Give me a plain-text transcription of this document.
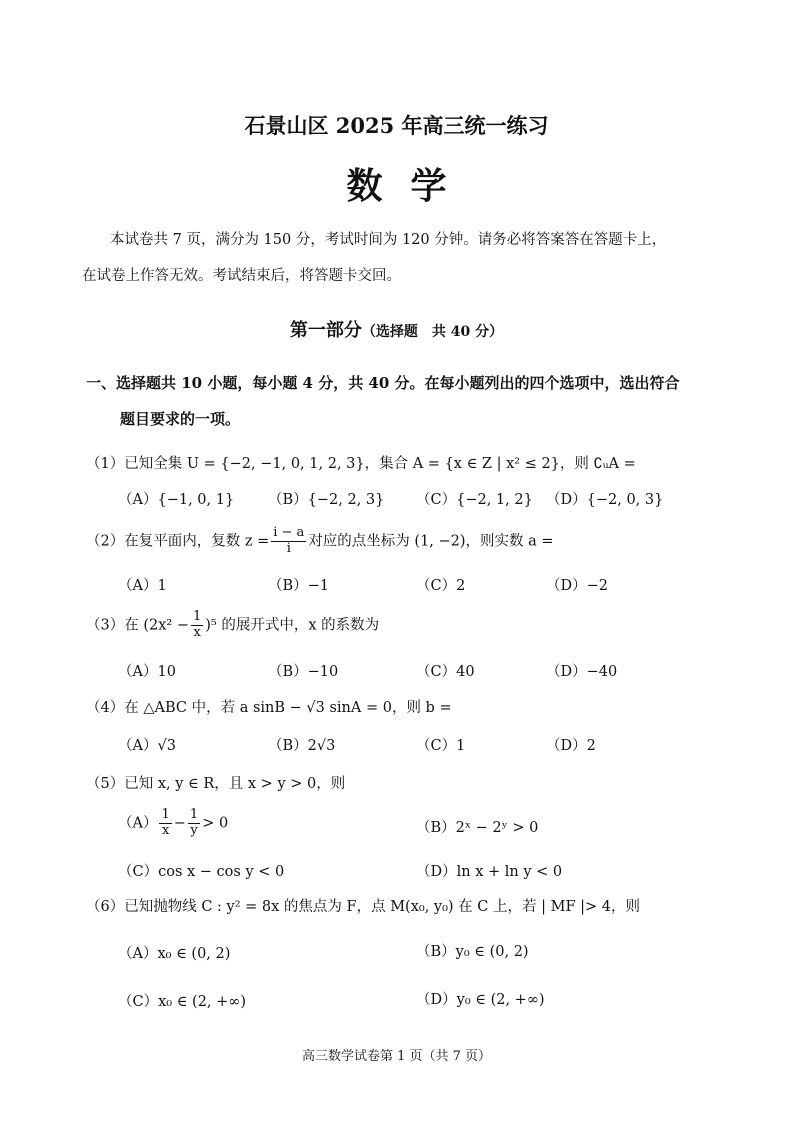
石景山区 2025 年高三统一练习
数学
本试卷共 7 页，满分为 150 分，考试时间为 120 分钟。请务必将答案答在答题卡上，
在试卷上作答无效。考试结束后，将答题卡交回。
第一部分（选择题　共 40 分）
一、选择题共 10 小题，每小题 4 分，共 40 分。在每小题列出的四个选项中，选出符合
题目要求的一项。
（1）已知全集 U = {−2, −1, 0, 1, 2, 3}，集合 A = {x ∈ Z | x² ≤ 2}，则 ∁ᵤA =
（A）{−1, 0, 1} （B）{−2, 2, 3} （C）{−2, 1, 2} （D）{−2, 0, 3}
（2）在复平面内，复数 $z = \frac{i - a}{i}$ 对应的点坐标为 (1, −2)，则实数 a =
（A）1	（B）−1	（C）2	（D）−2
（3）在 $(2x^2 - \frac{1}{x} )^5$ 的展开式中，x 的系数为
（A）10	（B）−10	（C）40	（D）−40
（4）在 △ABC 中，若 a sinB − √3 sinA = 0，则 b =
（A）√3	（B）2√3	（C）1	（D）2
（5）已知 x, y ∈ R，且 x > y > 0，则
$(A) \frac{1}{x} - \frac{1}{y} > 0$	（B）2ˣ − 2ʸ > 0
（C）cos x − cos y < 0	（D）ln x + ln y < 0
（6）已知抛物线 C : y² = 8x 的焦点为 F，点 M(x₀, y₀) 在 C 上，若 | MF |> 4，则
（A）x₀ ∈ (0, 2)	（B）y₀ ∈ (0, 2)
（C）x₀ ∈ (2, +∞)	（D）y₀ ∈ (2, +∞)
高三数学试卷第 1 页（共 7 页）
